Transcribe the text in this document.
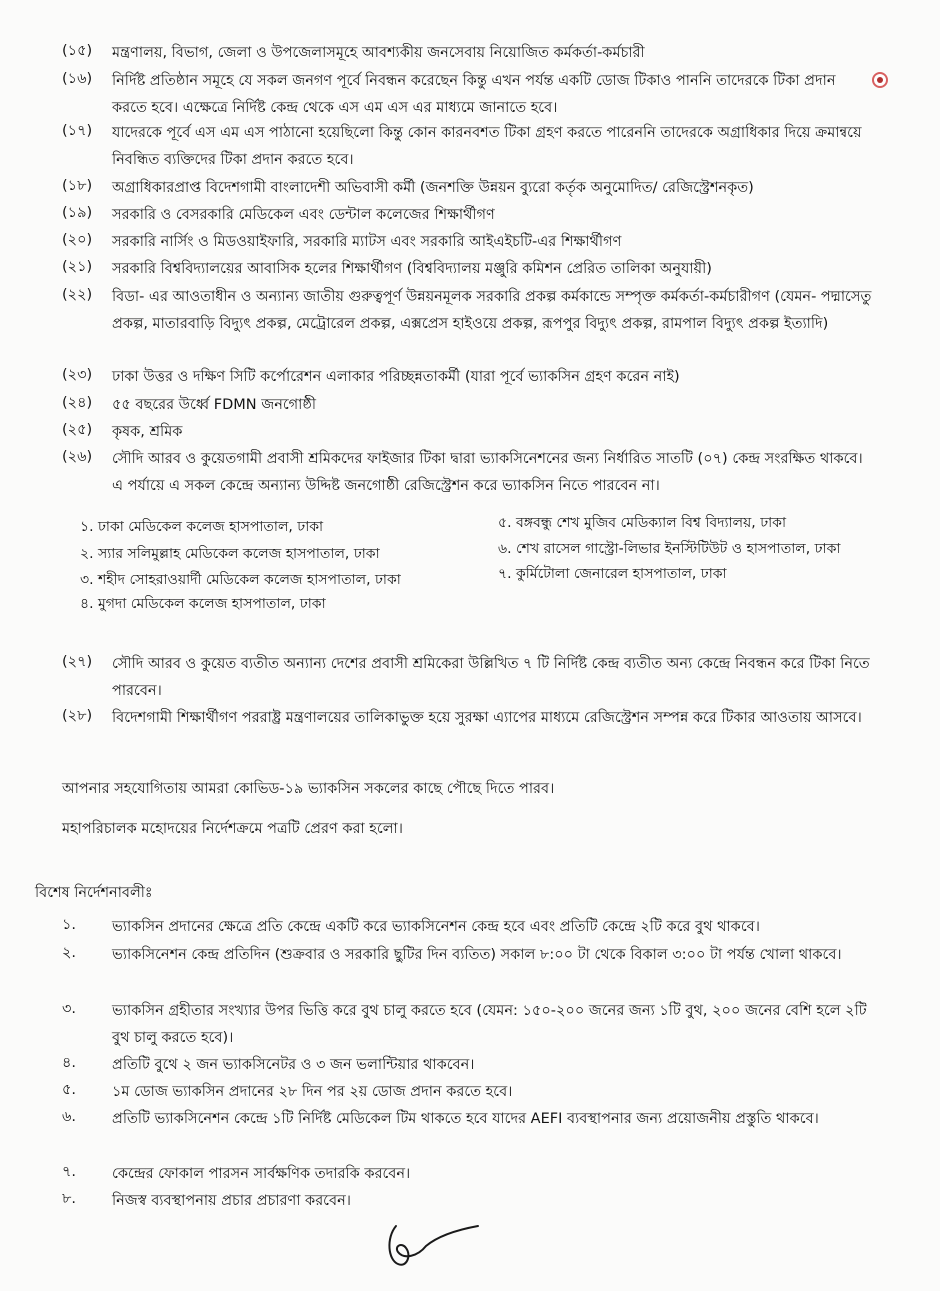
(১৫)	মন্ত্রণালয়, বিভাগ, জেলা ও উপজেলাসমূহে আবশ্যকীয় জনসেবায় নিয়োজিত কর্মকর্তা-কর্মচারী
(১৬)	নির্দিষ্ট প্রতিষ্ঠান সমূহে যে সকল জনগণ পূর্বে নিবন্ধন করেছেন কিন্তু এখন পর্যন্ত একটি ডোজ টিকাও পাননি তাদেরকে টিকা প্রদান করতে হবে। এক্ষেত্রে নির্দিষ্ট কেন্দ্র থেকে এস এম এস এর মাধ্যমে জানাতে হবে।
(১৭)	যাদেরকে পূর্বে এস এম এস পাঠানো হয়েছিলো কিন্তু কোন কারনবশত টিকা গ্রহণ করতে পারেননি তাদেরকে অগ্রাধিকার দিয়ে ক্রমান্বয়ে নিবন্ধিত ব্যক্তিদের টিকা প্রদান করতে হবে।
(১৮)	অগ্রাধিকারপ্রাপ্ত বিদেশগামী বাংলাদেশী অভিবাসী কর্মী (জনশক্তি উন্নয়ন ব্যুরো কর্তৃক অনুমোদিত/ রেজিস্ট্রেশনকৃত)
(১৯)	সরকারি ও বেসরকারি মেডিকেল এবং ডেন্টাল কলেজের শিক্ষার্থীগণ
(২০)	সরকারি নার্সিং ও মিডওয়াইফারি, সরকারি ম্যাটস এবং সরকারি আইএইচটি-এর শিক্ষার্থীগণ
(২১)	সরকারি বিশ্ববিদ্যালয়ের আবাসিক হলের শিক্ষার্থীগণ (বিশ্ববিদ্যালয় মঞ্জুরি কমিশন প্রেরিত তালিকা অনুযায়ী)
(২২)	বিডা- এর আওতাধীন ও অন্যান্য জাতীয় গুরুত্বপূর্ণ উন্নয়নমূলক সরকারি প্রকল্প কর্মকান্ডে সম্পৃক্ত কর্মকর্তা-কর্মচারীগণ (যেমন- পদ্মাসেতু প্রকল্প, মাতারবাড়ি বিদ্যুৎ প্রকল্প, মেট্রোরেল প্রকল্প, এক্সপ্রেস হাইওয়ে প্রকল্প, রূপপুর বিদ্যুৎ প্রকল্প, রামপাল বিদ্যুৎ প্রকল্প ইত্যাদি)
(২৩)	ঢাকা উত্তর ও দক্ষিণ সিটি কর্পোরেশন এলাকার পরিচ্ছন্নতাকর্মী (যারা পূর্বে ভ্যাকসিন গ্রহণ করেন নাই)
(২৪)	৫৫ বছরের উর্ধ্বে FDMN জনগোষ্ঠী
(২৫)	কৃষক, শ্রমিক
(২৬)	সৌদি আরব ও কুয়েতগামী প্রবাসী শ্রমিকদের ফাইজার টিকা দ্বারা ভ্যাকসিনেশনের জন্য নির্ধারিত সাতটি (০৭) কেন্দ্র সংরক্ষিত থাকবে। এ পর্যায়ে এ সকল কেন্দ্রে অন্যান্য উদ্দিষ্ট জনগোষ্ঠী রেজিস্ট্রেশন করে ভ্যাকসিন নিতে পারবেন না।
১. ঢাকা মেডিকেল কলেজ হাসপাতাল, ঢাকা
২. স্যার সলিমুল্লাহ মেডিকেল কলেজ হাসপাতাল, ঢাকা
৩. শহীদ সোহরাওয়ার্দী মেডিকেল কলেজ হাসপাতাল, ঢাকা
৪. মুগদা মেডিকেল কলেজ হাসপাতাল, ঢাকা
৫. বঙ্গবন্ধু শেখ মুজিব মেডিক্যাল বিশ্ব বিদ্যালয়, ঢাকা
৬. শেখ রাসেল গাস্ট্রো-লিভার ইনস্টিটিউট ও হাসপাতাল, ঢাকা
৭. কুর্মিটোলা জেনারেল হাসপাতাল, ঢাকা
(২৭)	সৌদি আরব ও কুয়েত ব্যতীত অন্যান্য দেশের প্রবাসী শ্রমিকেরা উল্লিখিত ৭ টি নির্দিষ্ট কেন্দ্র ব্যতীত অন্য কেন্দ্রে নিবন্ধন করে টিকা নিতে পারবেন।
(২৮)	বিদেশগামী শিক্ষার্থীগণ পররাষ্ট্র মন্ত্রণালয়ের তালিকাভুক্ত হয়ে সুরক্ষা এ্যাপের মাধ্যমে রেজিস্ট্রেশন সম্পন্ন করে টিকার আওতায় আসবে।
আপনার সহযোগিতায় আমরা কোভিড-১৯ ভ্যাকসিন সকলের কাছে পৌছে দিতে পারব।
মহাপরিচালক মহোদয়ের নির্দেশক্রমে পত্রটি প্রেরণ করা হলো।
বিশেষ নির্দেশনাবলীঃ
১.	ভ্যাকসিন প্রদানের ক্ষেত্রে প্রতি কেন্দ্রে একটি করে ভ্যাকসিনেশন কেন্দ্র হবে এবং প্রতিটি কেন্দ্রে ২টি করে বুথ থাকবে।
২.	ভ্যাকসিনেশন কেন্দ্র প্রতিদিন (শুক্রবার ও সরকারি ছুটির দিন ব্যতিত) সকাল ৮:০০ টা থেকে বিকাল ৩:০০ টা পর্যন্ত খোলা থাকবে।
৩.	ভ্যাকসিন গ্রহীতার সংখ্যার উপর ভিত্তি করে বুথ চালু করতে হবে (যেমন: ১৫০-২০০ জনের জন্য ১টি বুথ, ২০০ জনের বেশি হলে ২টি বুথ চালু করতে হবে)।
৪.	প্রতিটি বুথে ২ জন ভ্যাকসিনেটর ও ৩ জন ভলান্টিয়ার থাকবেন।
৫.	১ম ডোজ ভ্যাকসিন প্রদানের ২৮ দিন পর ২য় ডোজ প্রদান করতে হবে।
৬.	প্রতিটি ভ্যাকসিনেশন কেন্দ্রে ১টি নির্দিষ্ট মেডিকেল টিম থাকতে হবে যাদের AEFI ব্যবস্থাপনার জন্য প্রয়োজনীয় প্রস্তুতি থাকবে।
৭.	কেন্দ্রের ফোকাল পারসন সার্বক্ষণিক তদারকি করবেন।
৮.	নিজস্ব ব্যবস্থাপনায় প্রচার প্রচারণা করবেন।
